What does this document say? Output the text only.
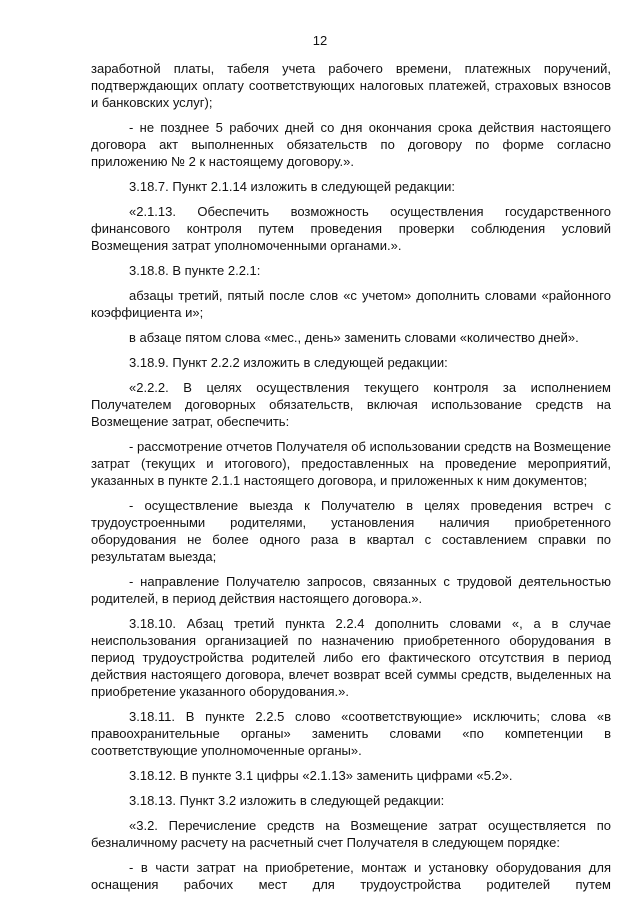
12

заработной платы, табеля учета рабочего времени, платежных поручений, подтверждающих оплату соответствующих налоговых платежей, страховых взносов и банковских услуг);

- не позднее 5 рабочих дней со дня окончания срока действия настоящего договора акт выполненных обязательств по договору по форме согласно приложению № 2 к настоящему договору.».

3.18.7. Пункт 2.1.14 изложить в следующей редакции:

«2.1.13. Обеспечить возможность осуществления государственного финансового контроля путем проведения проверки соблюдения условий Возмещения затрат уполномоченными органами.».

3.18.8. В пункте 2.2.1:

абзацы третий, пятый после слов «с учетом» дополнить словами «районного коэффициента и»;

в абзаце пятом слова «мес., день» заменить словами «количество дней».

3.18.9. Пункт 2.2.2 изложить в следующей редакции:

«2.2.2. В целях осуществления текущего контроля за исполнением Получателем договорных обязательств, включая использование средств на Возмещение затрат, обеспечить:

- рассмотрение отчетов Получателя об использовании средств на Возмещение затрат (текущих и итогового), предоставленных на проведение мероприятий, указанных в пункте 2.1.1 настоящего договора, и приложенных к ним документов;

- осуществление выезда к Получателю в целях проведения встреч с трудоустроенными родителями, установления наличия приобретенного оборудования не более одного раза в квартал с составлением справки по результатам выезда;

- направление Получателю запросов, связанных с трудовой деятельностью родителей, в период действия настоящего договора.».

3.18.10. Абзац третий пункта 2.2.4 дополнить словами «, а в случае неиспользования организацией по назначению приобретенного оборудования в период трудоустройства родителей либо его фактического отсутствия в период действия настоящего договора, влечет возврат всей суммы средств, выделенных на приобретение указанного оборудования.».

3.18.11. В пункте 2.2.5 слово «соответствующие» исключить; слова «в правоохранительные органы» заменить словами «по компетенции в соответствующие уполномоченные органы».

3.18.12. В пункте 3.1 цифры «2.1.13» заменить цифрами «5.2».

3.18.13. Пункт 3.2 изложить в следующей редакции:

«3.2. Перечисление средств на Возмещение затрат осуществляется по безналичному расчету на расчетный счет Получателя в следующем порядке:

- в части затрат на приобретение, монтаж и установку оборудования для оснащения рабочих мест для трудоустройства родителей путем
